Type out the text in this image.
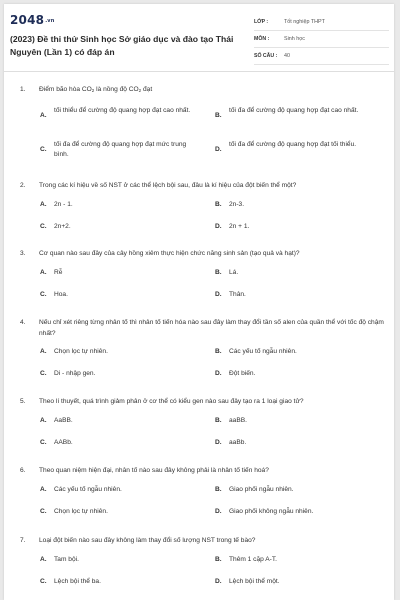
2048.vn
(2023) Đề thi thử Sinh học Sở giáo dục và đào tạo Thái Nguyên (Lần 1) có đáp án
LỚP :	Tốt nghiệp THPT
MÔN :	Sinh học
SỐ CÂU :	40
1.	Điểm bão hòa $CO_2$ là nồng độ $CO_2$ đạt
A.
tối thiểu để cường độ quang hợp đạt cao nhất.
B.
tối đa để cường độ quang hợp đạt cao nhất.
C.
tối đa để cường độ quang hợp đạt mức trung bình.
D.
tối đa để cường độ quang hợp đạt tối thiểu.
2.	Trong các kí hiệu về số NST ở các thể lệch bội sau, đâu là kí hiệu của đột biến thể một?
A. 2n - 1.	B. 2n-3.
C. 2n+2.	D. 2n + 1.
3.	Cơ quan nào sau đây của cây hồng xiêm thực hiện chức năng sinh sản (tạo quả và hạt)?
A. Rễ	B. Lá.
C. Hoa.	D. Thân.
4.	Nếu chỉ xét riêng từng nhân tố thì nhân tố tiến hóa nào sau đây làm thay đổi tần số alen của quần thể với tốc độ chậm nhất?
A. Chọn lọc tự nhiên.	B. Các yếu tố ngẫu nhiên.
C. Di - nhập gen.	D. Đột biến.
5.	Theo lí thuyết, quá trình giảm phân ở cơ thể có kiểu gen nào sau đây tạo ra 1 loại giao tử?
A. AaBB.	B. aaBB.
C. AABb.	D. aaBb.
6.	Theo quan niệm hiện đại, nhân tố nào sau đây không phải là nhân tố tiến hoá?
A. Các yếu tố ngẫu nhiên.	B. Giao phối ngẫu nhiên.
C. Chọn lọc tự nhiên.	D. Giao phối không ngẫu nhiên.
7.	Loại đột biến nào sau đây không làm thay đổi số lượng NST trong tế bào?
A. Tam bội.	B. Thêm 1 cặp A-T.
C. Lệch bội thể ba.	D. Lệch bội thể một.
